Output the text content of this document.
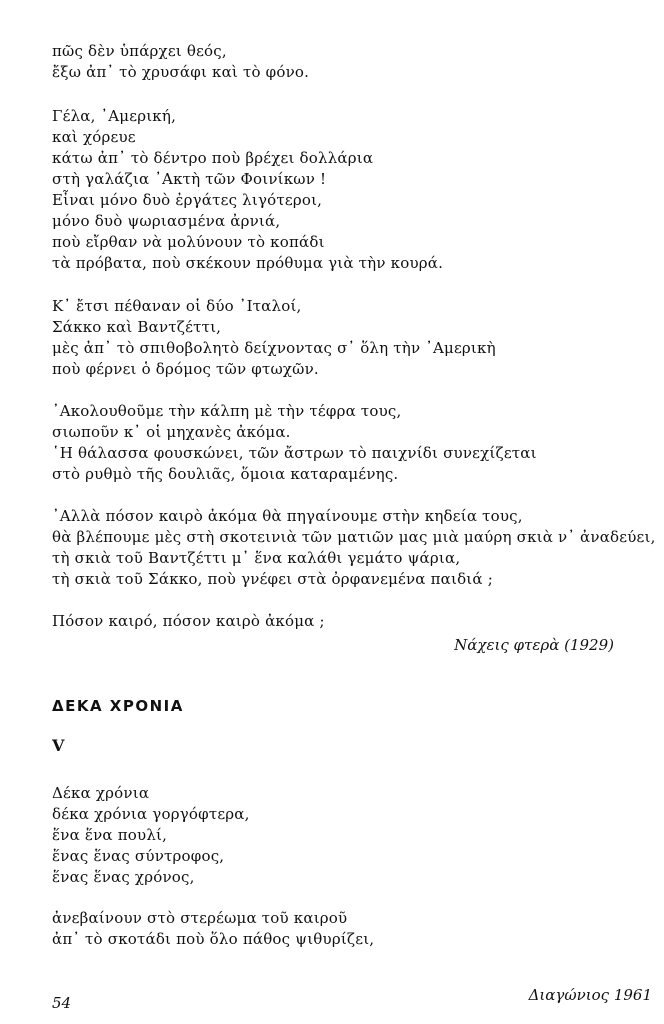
πῶς δὲν ὑπάρχει θεός,
ἔξω ἀπ᾽ τὸ χρυσάφι καὶ τὸ φόνο.
Γέλα, ᾽Αμερική,
καὶ χόρευε
κάτω ἀπ᾽ τὸ δέντρο ποὺ βρέχει δολλάρια
στὴ γαλάζια ᾽Ακτὴ τῶν Φοινίκων !
Εἶναι μόνο δυὸ ἐργάτες λιγότεροι,
μόνο δυὸ ψωριασμένα ἀρνιά,
ποὺ εἴρθαν νὰ μολύνουν τὸ κοπάδι
τὰ πρόβατα, ποὺ σκέκουν πρόθυμα γιὰ τὴν κουρά.
Κ᾽ ἔτσι πέθαναν οἱ δύο ᾽Ιταλοί,
Σάκκο καὶ Βαντζέττι,
μὲς ἀπ᾽ τὸ σπιθοβολητὸ δείχνοντας σ᾽ ὅλη τὴν ᾽Αμερικὴ
ποὺ φέρνει ὁ δρόμος τῶν φτωχῶν.
᾽Ακολουθοῦμε τὴν κάλπη μὲ τὴν τέφρα τους,
σιωποῦν κ᾽ οἱ μηχανὲς ἀκόμα.
῾Η θάλασσα φουσκώνει, τῶν ἄστρων τὸ παιχνίδι συνεχίζεται
στὸ ρυθμὸ τῆς δουλιᾶς, ὅμοια καταραμένης.
᾽Αλλὰ πόσον καιρὸ ἀκόμα θὰ πηγαίνουμε στὴν κηδεία τους,
θὰ βλέπουμε μὲς στὴ σκοτεινιὰ τῶν ματιῶν μας μιὰ μαύρη σκιὰ ν᾽ ἀναδεύει,
τὴ σκιὰ τοῦ Βαντζέττι μ᾽ ἕνα καλάθι γεμάτο ψάρια,
τὴ σκιὰ τοῦ Σάκκο, ποὺ γνέφει στὰ ὀρφανεμένα παιδιά ;
Πόσον καιρό, πόσον καιρὸ ἀκόμα ;
Νάχεις φτερὰ (1929)
ΔΕΚΑ ΧΡΟΝΙΑ
V
Δέκα χρόνια
δέκα χρόνια γοργόφτερα,
ἕνα ἕνα πουλί,
ἕνας ἕνας σύντροφος,
ἕνας ἕνας χρόνος,
ἀνεβαίνουν στὸ στερέωμα τοῦ καιροῦ
ἀπ᾽ τὸ σκοτάδι ποὺ ὅλο πάθος ψιθυρίζει,
54	Διαγώνιος 1961
